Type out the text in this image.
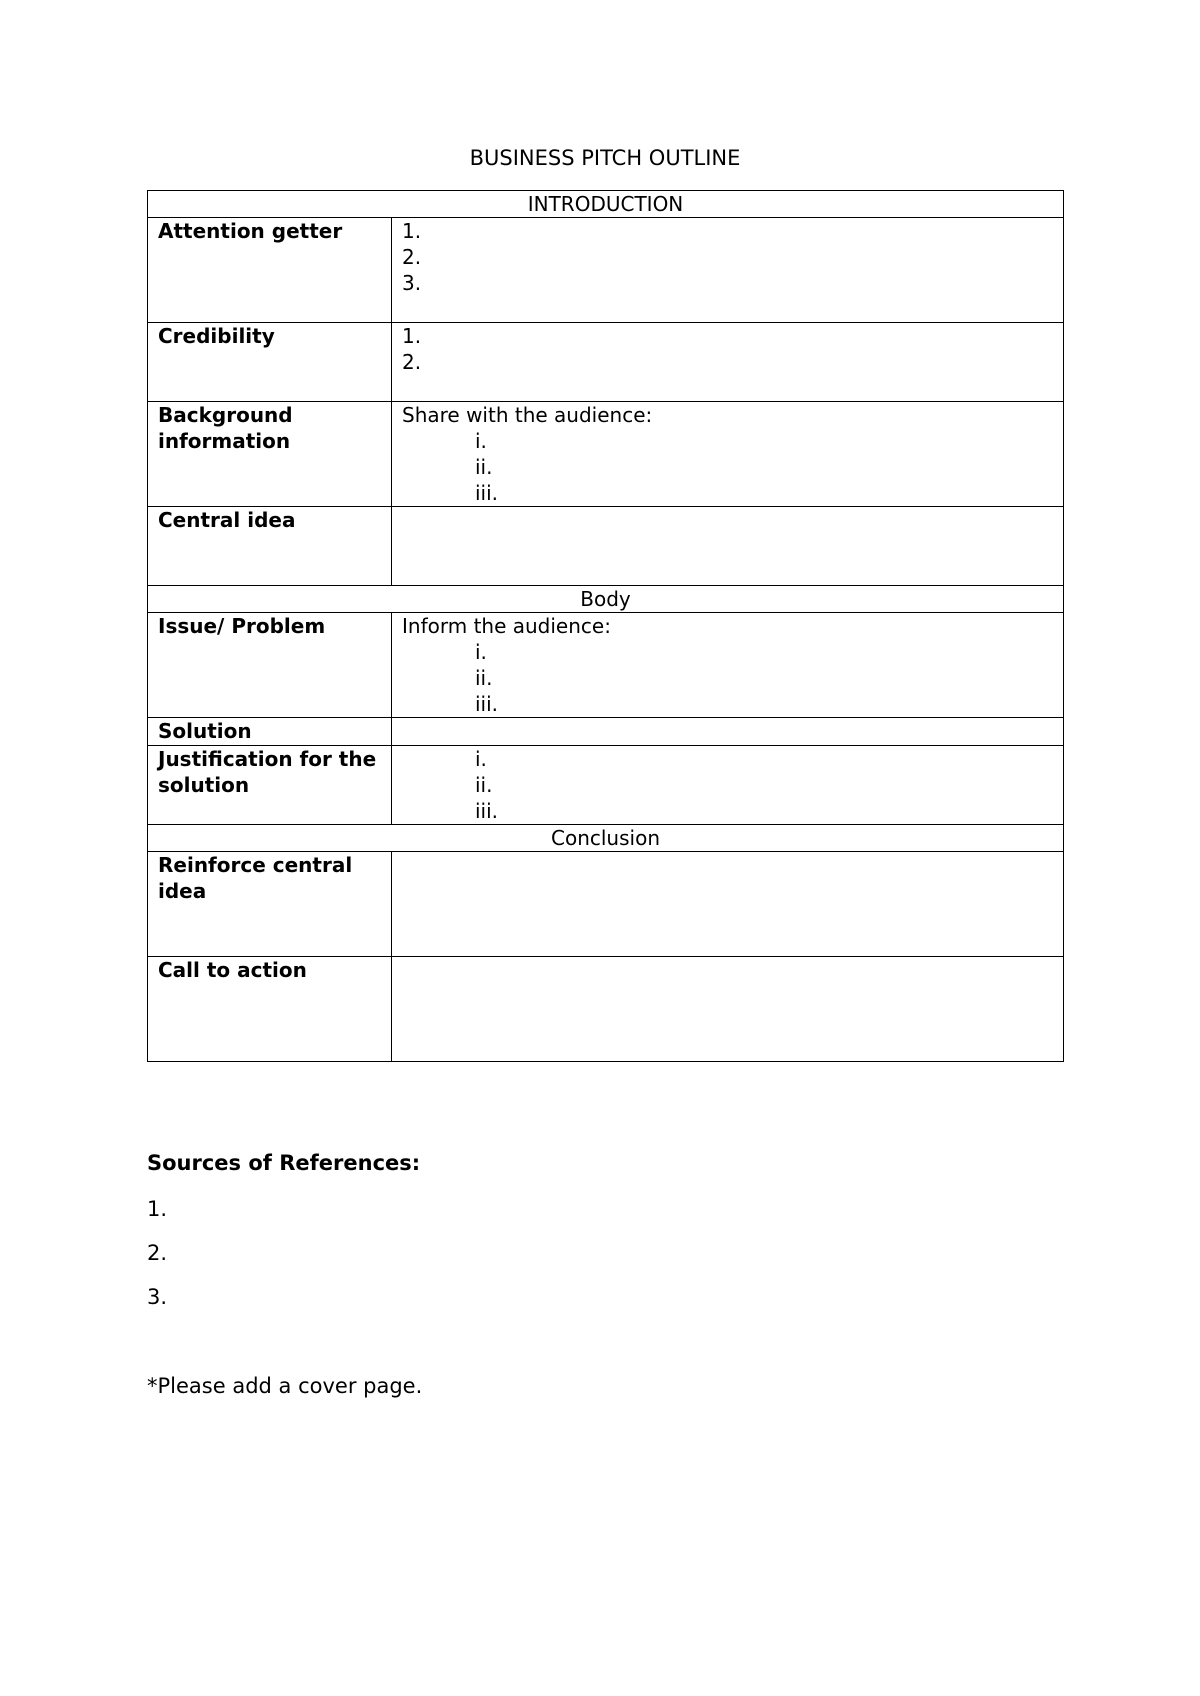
BUSINESS PITCH OUTLINE
INTRODUCTION	
Attention getter	1.
2.
3.

Credibility	1.
2.

Background information	Share with the audience:
i.
ii.
iii.

Central idea	
Body	
Issue/ Problem	Inform the audience:
i.
ii.
iii.

Solution	
Justification for the solution	i.
ii.
iii.

Conclusion	
Reinforce central idea	
Call to action	
Sources of References:
1.
2.
3.
*Please add a cover page.
